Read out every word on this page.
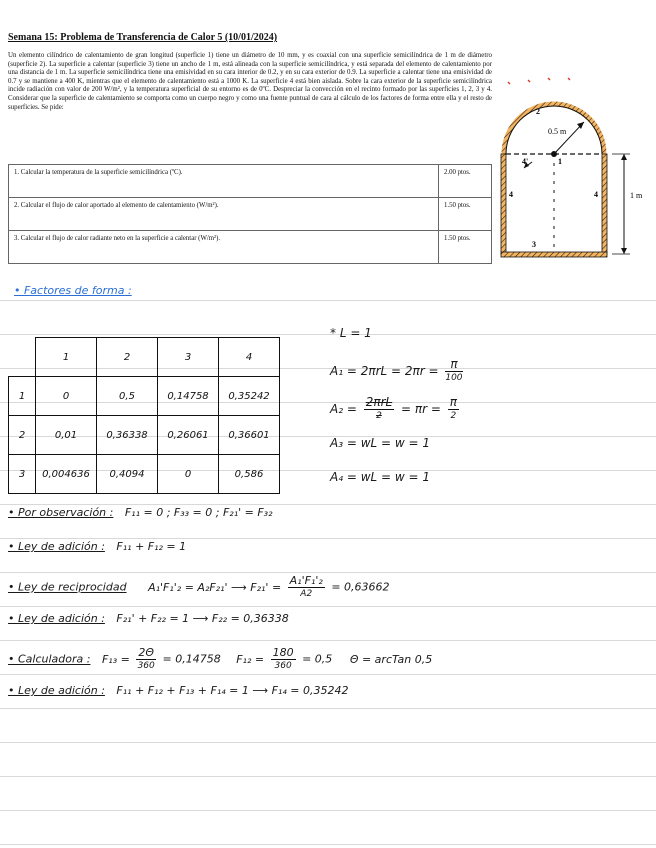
Semana 15: Problema de Transferencia de Calor 5 (10/01/2024)
Un elemento cilíndrico de calentamiento de gran longitud (superficie 1) tiene un diámetro de 10 mm, y es coaxial con una superficie semicilíndrica de 1 m de diámetro (superficie 2). La superficie a calentar (superficie 3) tiene un ancho de 1 m, está alineada con la superficie semicilíndrica, y está separada del elemento de calentamiento por una distancia de 1 m. La superficie semicilíndrica tiene una emisividad en su cara interior de 0.2, y en su cara exterior de 0.9. La superficie a calentar tiene una emisividad de 0.7 y se mantiene a 400 K, mientras que el elemento de calentamiento está a 1000 K. La superficie 4 está bien aislada. Sobre la cara exterior de la superficie semicilíndrica incide radiación con valor de 200 W/m², y la temperatura superficial de su entorno es de 0ºC. Despreciar la convección en el recinto formado por las superficies 1, 2, 3 y 4. Considerar que la superficie de calentamiento se comporta como un cuerpo negro y como una fuente puntual de cara al cálculo de los factores de forma entre ella y el resto de superficies. Se pide:
1. Calcular la temperatura de la superficie semicilíndrica (ºC).	2.00 ptos.
2. Calcular el flujo de calor aportado al elemento de calentamiento (W/m²).	1.50 ptos.
3. Calcular el flujo de calor radiante neto en la superficie a calentar (W/m²).	1.50 ptos.
0.5 m
1 m
1
2
3
4	4
4'
• Factores de forma :
	1	2	3	4
1	0	0,5	0,14758	0,35242
2	0,01	0,36338	0,26061	0,36601
3	0,004636	0,4094	0	0,586
* L = 1
$A_1 = 2\pi rL = 2\pi r = \frac{\pi}{100}$
$A_2 = \frac{\text{2πrL}}{2} = \pi r = \frac{\pi}{2}$
A₃ = wL = w = 1
A₄ = wL = w = 1
• Por observación : F₁₁ = 0 ; F₃₃ = 0 ; F₂₁' = F₃₂
• Ley de adición : F₁₁ + F₁₂ = 1
• Ley de reciprocidad A₁'F₁'₂ = A₂F₂₁' ⟶ $F_{21}' = \frac{\text{A₁'F₁'₂}}{A2} = 0,63662$
• Ley de adición : F₂₁' + F₂₂ = 1 ⟶ F₂₂ = 0,36338
• Calculadora : $F_{13} = \frac{2\Theta}{360} = 0,14758$ $F_{12} = \frac{180}{360} = 0,5$ Θ = arcTan 0,5
• Ley de adición : F₁₁ + F₁₂ + F₁₃ + F₁₄ = 1 ⟶ F₁₄ = 0,35242
